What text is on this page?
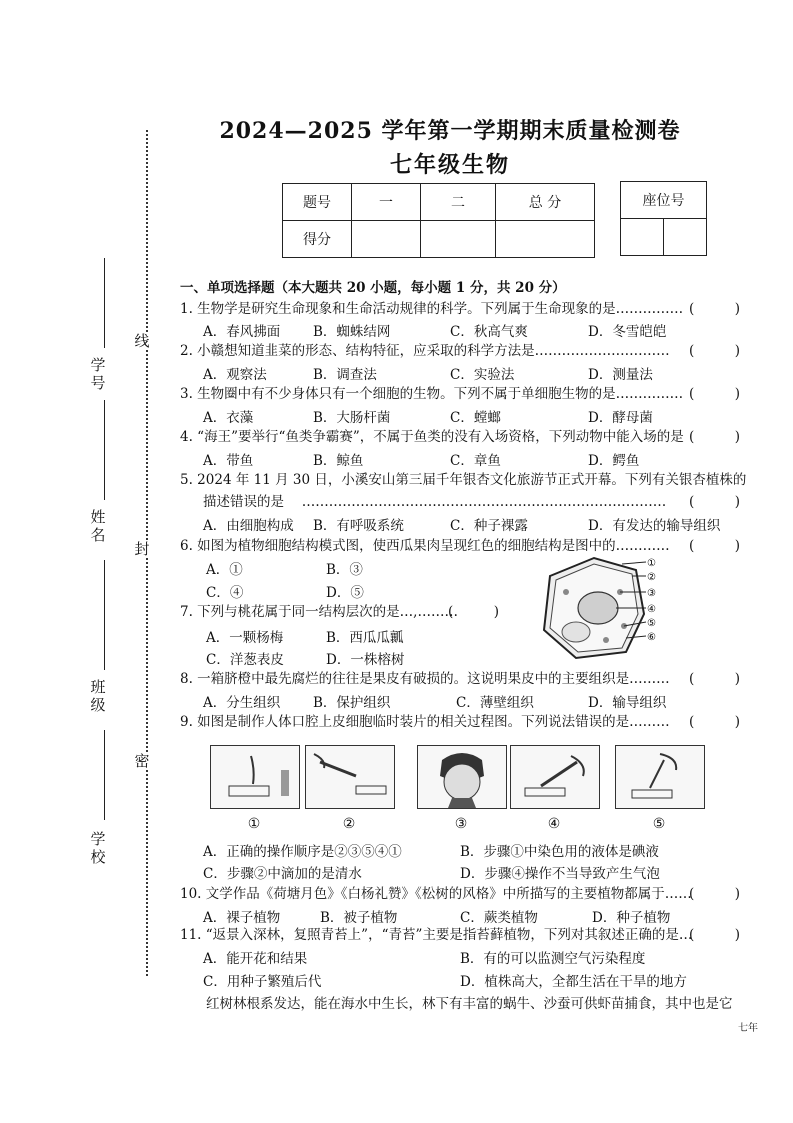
线
封
密
学号
姓名
班级
学校
2024—2025 学年第一学期期末质量检测卷
七年级生物
题号	一	二	总 分
得分			
座位号

一、单项选择题（本大题共 20 小题，每小题 1 分，共 20 分）
1. 生物学是研究生命现象和生命活动规律的科学。下列属于生命现象的是…………… (　　　)
A．春风拂面 B．蜘蛛结网	C．秋高气爽	D．冬雪皑皑
2. 小赣想知道韭菜的形态、结构特征，应采取的科学方法是………………………… (　　　)
A．观察法	B．调查法	C．实验法	D．测量法
3. 生物圈中有不少身体只有一个细胞的生物。下列不属于单细胞生物的是…………… (　　　)
A．衣藻	B．大肠杆菌	C．螳螂	D．酵母菌
4. “海王”要举行“鱼类争霸赛”，不属于鱼类的没有入场资格，下列动物中能入场的是 (　　　)
A．带鱼	B．鲸鱼	C．章鱼	D．鳄鱼
5. 2024 年 11 月 30 日，小溪安山第三届千年银杏文化旅游节正式开幕。下列有关银杏植株的
描述错误的是　 ……………………………………………………………………… (　　　)
A．由细胞构成 B．有呼吸系统	C．种子裸露	D．有发达的输导组织
6. 如图为植物细胞结构模式图，使西瓜果肉呈现红色的细胞结构是图中的………… (　　　)
A．①	B．③
C．④	D．⑤
①
②
③
④
⑤
⑥
7. 下列与桃花属于同一结构层次的是…,………
(　　　)
A．一颗杨梅	B．西瓜瓜瓤
C．洋葱表皮	D．一株榕树
8. 一箱脐橙中最先腐烂的往往是果皮有破损的。这说明果皮中的主要组织是……… (　　　)
A．分生组织 B．保护组织	C．薄壁组织	D．输导组织
9. 如图是制作人体口腔上皮细胞临时装片的相关过程图。下列说法错误的是……… (　　　)
①	②	③	④	⑤
A．正确的操作顺序是②③⑤④①	B．步骤①中染色用的液体是碘液
C．步骤②中滴加的是清水	D．步骤④操作不当导致产生气泡
10. 文学作品《荷塘月色》《白杨礼赞》《松树的风格》中所描写的主要植物都属于……
(　　　)
A．裸子植物	B．被子植物	C．蕨类植物	D．种子植物
11. “返景入深林，复照青苔上”，“青苔”主要是指苔藓植物，下列对其叙述正确的是…
(　　　)
A．能开花和结果	B．有的可以监测空气污染程度
C．用种子繁殖后代	D．植株高大，全都生活在干旱的地方
红树林根系发达，能在海水中生长，林下有丰富的蜗牛、沙蚕可供虾苗捕食，其中也是它
七年
